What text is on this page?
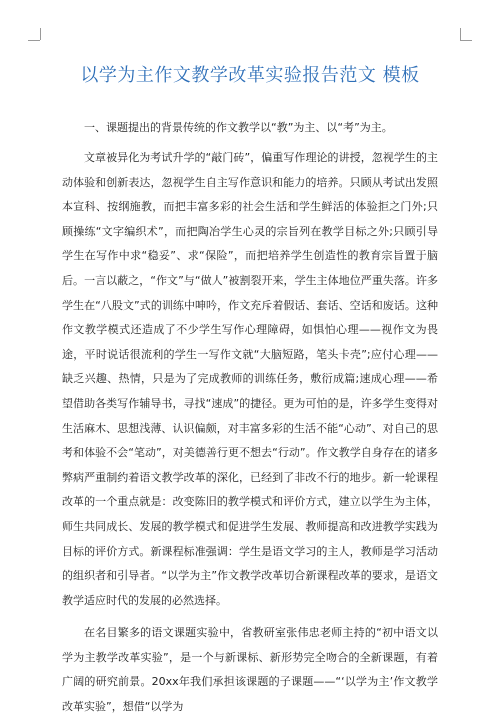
以学为主作文教学改革实验报告范文 模板

一、课题提出的背景传统的作文教学以“教”为主、以“考”为主。

文章被异化为考试升学的“敲门砖”，偏重写作理论的讲授，忽视学生的主动体验和创新表达，忽视学生自主写作意识和能力的培养。只顾从考试出发照本宣科、按纲施教，而把丰富多彩的社会生活和学生鲜活的体验拒之门外;只顾操练“文字编织术”，而把陶冶学生心灵的宗旨列在教学目标之外;只顾引导学生在写作中求“稳妥”、求“保险”，而把培养学生创造性的教育宗旨置于脑后。一言以蔽之，“作文”与“做人”被割裂开来，学生主体地位严重失落。许多学生在“八股文”式的训练中呻吟，作文充斥着假话、套话、空话和废话。这种作文教学模式还造成了不少学生写作心理障碍，如惧怕心理——视作文为畏途，平时说话很流利的学生一写作文就“大脑短路，笔头卡壳”;应付心理——缺乏兴趣、热情，只是为了完成教师的训练任务，敷衍成篇;速成心理——希望借助各类写作辅导书，寻找“速成”的捷径。更为可怕的是，许多学生变得对生活麻木、思想浅薄、认识偏颇，对丰富多彩的生活不能“心动”、对自己的思考和体验不会“笔动”，对美德善行更不想去“行动”。作文教学自身存在的诸多弊病严重制约着语文教学改革的深化，已经到了非改不行的地步。新一轮课程改革的一个重点就是：改变陈旧的教学模式和评价方式，建立以学生为主体，师生共同成长、发展的教学模式和促进学生发展、教师提高和改进教学实践为目标的评价方式。新课程标准强调：学生是语文学习的主人，教师是学习活动的组织者和引导者。“以学为主”作文教学改革切合新课程改革的要求，是语文教学适应时代的发展的必然选择。

在名目繁多的语文课题实验中，省教研室张伟忠老师主持的“初中语文以学为主教学改革实验”，是一个与新课标、新形势完全吻合的全新课题，有着广阔的研究前景。20xx年我们承担该课题的子课题——“‘以学为主’作文教学改革实验”，想借“以学为
